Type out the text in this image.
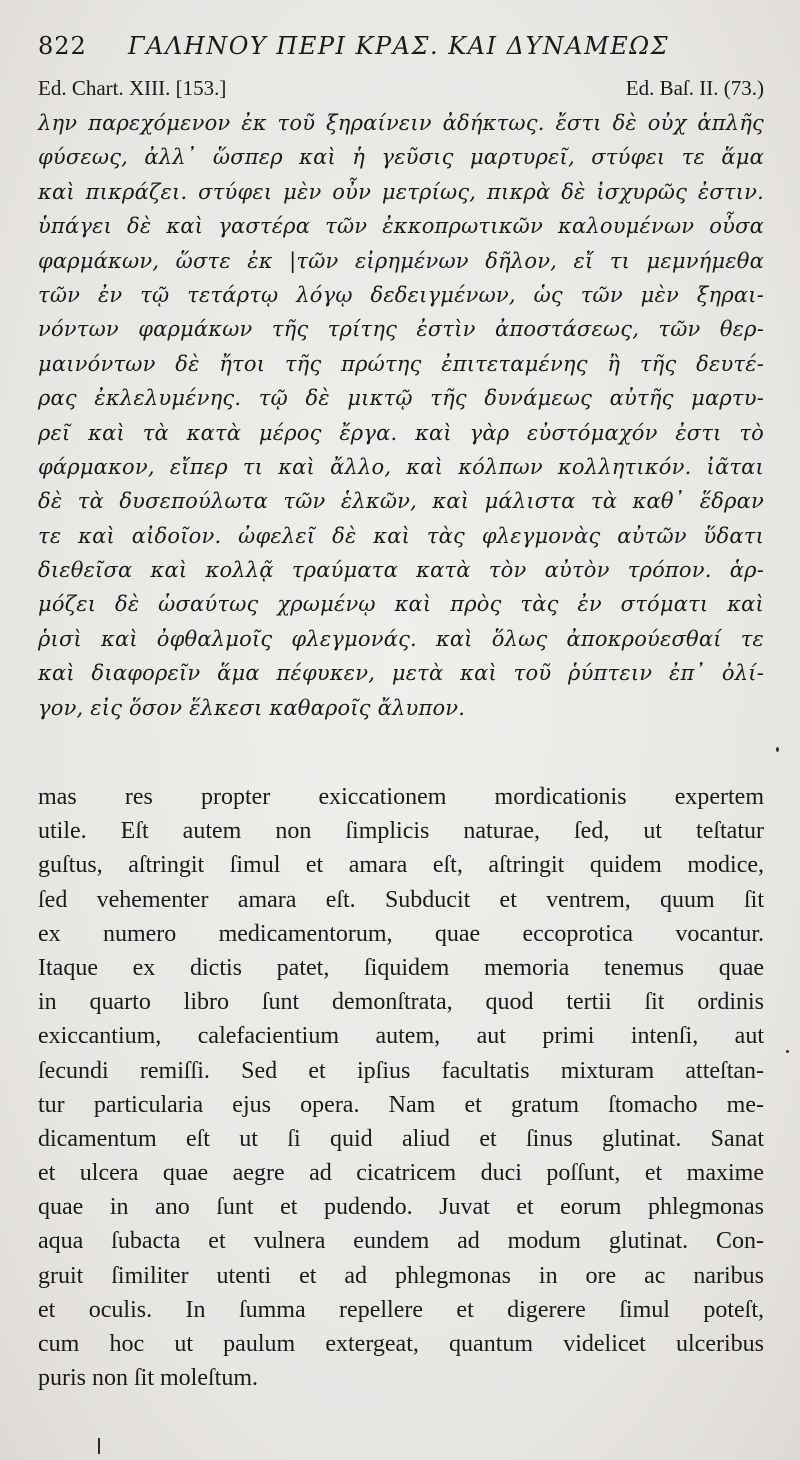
822 ΓΑΛΗΝΟΥ ΠΕΡΙ ΚΡΑΣ. ΚΑΙ ΔΥΝΑΜΕΩΣ
Ed. Chart. XIII. [153.]	Ed. Baſ. II. (73.)
λην παρεχόμενον ἐκ τοῦ ξηραίνειν ἀδήκτως. ἔστι δὲ οὐχ ἁπλῆς
φύσεως, ἀλλ᾽ ὥσπερ καὶ ἡ γεῦσις μαρτυρεῖ, στύφει τε ἅμα
καὶ πικράζει. στύφει μὲν οὖν μετρίως, πικρὰ δὲ ἰσχυρῶς ἐστιν.
ὑπάγει δὲ καὶ γαστέρα τῶν ἐκκοπρωτικῶν καλουμένων οὖσα
φαρμάκων, ὥστε ἐκ |τῶν εἰρημένων δῆλον, εἴ τι μεμνήμεθα
τῶν ἐν τῷ τετάρτῳ λόγῳ δεδειγμένων, ὡς τῶν μὲν ξηραι-
νόντων φαρμάκων τῆς τρίτης ἐστὶν ἀποστάσεως, τῶν θερ-
μαινόντων δὲ ἤτοι τῆς πρώτης ἐπιτεταμένης ἢ τῆς δευτέ-
ρας ἐκλελυμένης. τῷ δὲ μικτῷ τῆς δυνάμεως αὐτῆς μαρτυ-
ρεῖ καὶ τὰ κατὰ μέρος ἔργα. καὶ γὰρ εὐστόμαχόν ἐστι τὸ
φάρμακον, εἴπερ τι καὶ ἄλλο, καὶ κόλπων κολλητικόν. ἰᾶται
δὲ τὰ δυσεπούλωτα τῶν ἑλκῶν, καὶ μάλιστα τὰ καθ᾽ ἕδραν
τε καὶ αἰδοῖον. ὠφελεῖ δὲ καὶ τὰς φλεγμονὰς αὐτῶν ὕδατι
διεθεῖσα καὶ κολλᾷ τραύματα κατὰ τὸν αὐτὸν τρόπον. ἁρ-
μόζει δὲ ὡσαύτως χρωμένῳ καὶ πρὸς τὰς ἐν στόματι καὶ
ῥισὶ καὶ ὀφθαλμοῖς φλεγμονάς. καὶ ὅλως ἀποκρούεσθαί τε
καὶ διαφορεῖν ἅμα πέφυκεν, μετὰ καὶ τοῦ ῥύπτειν ἐπ᾽ ὀλί-
γον, εἰς ὅσον ἕλκεσι καθαροῖς ἄλυπον.
mas res propter exiccationem mordicationis expertem
utile. Eſt autem non ſimplicis naturae, ſed, ut teſtatur
guſtus, aſtringit ſimul et amara eſt, aſtringit quidem modice,
ſed vehementer amara eſt. Subducit et ventrem, quum ſit
ex numero medicamentorum, quae eccoprotica vocantur.
Itaque ex dictis patet, ſiquidem memoria tenemus quae
in quarto libro ſunt demonſtrata, quod tertii ſit ordinis
exiccantium, calefacientium autem, aut primi intenſi, aut
ſecundi remiſſi. Sed et ipſius facultatis mixturam atteſtan-
tur particularia ejus opera. Nam et gratum ſtomacho me-
dicamentum eſt ut ſi quid aliud et ſinus glutinat. Sanat
et ulcera quae aegre ad cicatricem duci poſſunt, et maxime
quae in ano ſunt et pudendo. Juvat et eorum phlegmonas
aqua ſubacta et vulnera eundem ad modum glutinat. Con-
gruit ſimiliter utenti et ad phlegmonas in ore ac naribus
et oculis. In ſumma repellere et digerere ſimul poteſt,
cum hoc ut paulum extergeat, quantum videlicet ulceribus
puris non ſit moleſtum.
